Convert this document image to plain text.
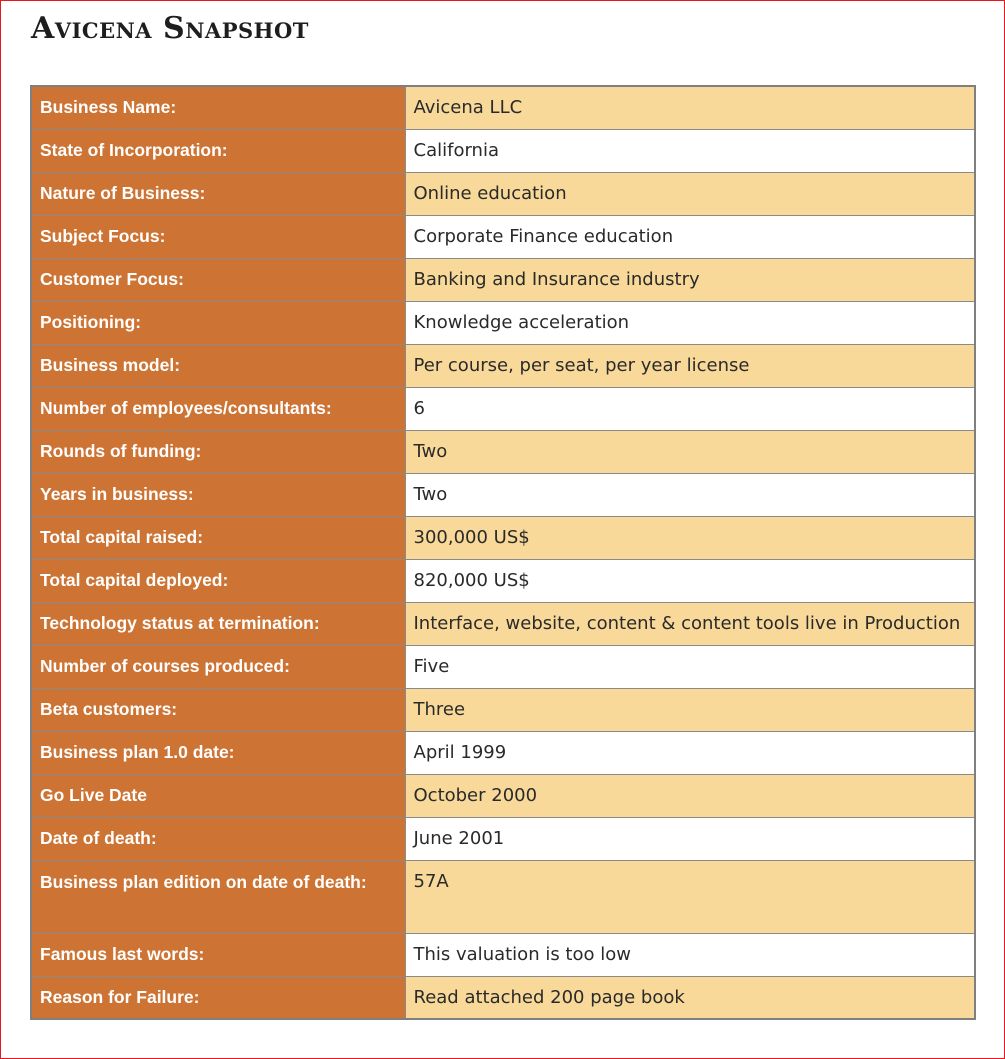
Avicena Snapshot
Business Name:	Avicena LLC
State of Incorporation:	California
Nature of Business:	Online education
Subject Focus:	Corporate Finance education
Customer Focus:	Banking and Insurance industry
Positioning:	Knowledge acceleration
Business model:	Per course, per seat, per year license
Number of employees/consultants:	6
Rounds of funding:	Two
Years in business:	Two
Total capital raised:	300,000 US$
Total capital deployed:	820,000 US$
Technology status at termination:	Interface, website, content & content tools live in Production
Number of courses produced:	Five
Beta customers:	Three
Business plan 1.0 date:	April 1999
Go Live Date	October 2000
Date of death:	June 2001
Business plan edition on date of death:	57A
Famous last words:	This valuation is too low
Reason for Failure:	Read attached 200 page book
